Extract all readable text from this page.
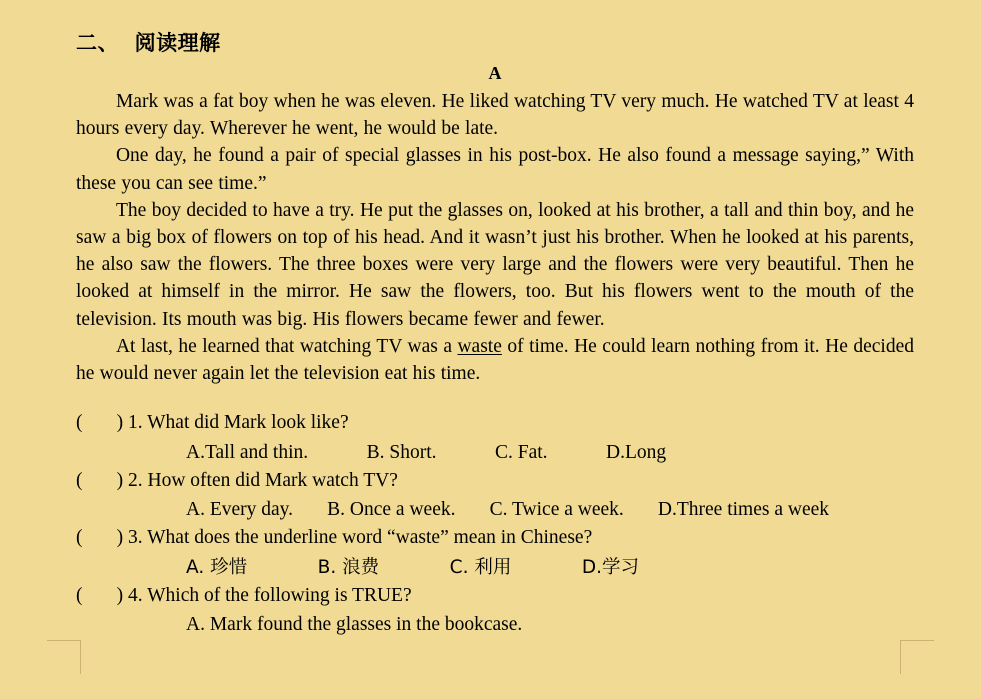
二、  阅读理解
A

Mark was a fat boy when he was eleven. He liked watching TV very much. He watched TV at least 4 hours every day. Wherever he went, he would be late.

One day, he found a pair of special glasses in his post-box. He also found a message saying,” With these you can see time.”

The boy decided to have a try. He put the glasses on, looked at his brother, a tall and thin boy, and he saw a big box of flowers on top of his head. And it wasn’t just his brother. When he looked at his parents, he also saw the flowers. The three boxes were very large and the flowers were very beautiful. Then he looked at himself in the mirror. He saw the flowers, too. But his flowers went to the mouth of the television. Its mouth was big. His flowers became fewer and fewer.

At last, he learned that watching TV was a waste of time. He could learn nothing from it. He decided he would never again let the television eat his time.

(       ) 1. What did Mark look like?

A.Tall and thin.            B. Short.            C. Fat.            D.Long

(       ) 2. How often did Mark watch TV?

A. Every day.       B. Once a week.       C. Twice a week.       D.Three times a week

(       ) 3. What does the underline word “waste” mean in Chinese?

A. 珍惜            B. 浪费            C. 利用            D.学习

(       ) 4. Which of the following is TRUE?

A. Mark found the glasses in the bookcase.
